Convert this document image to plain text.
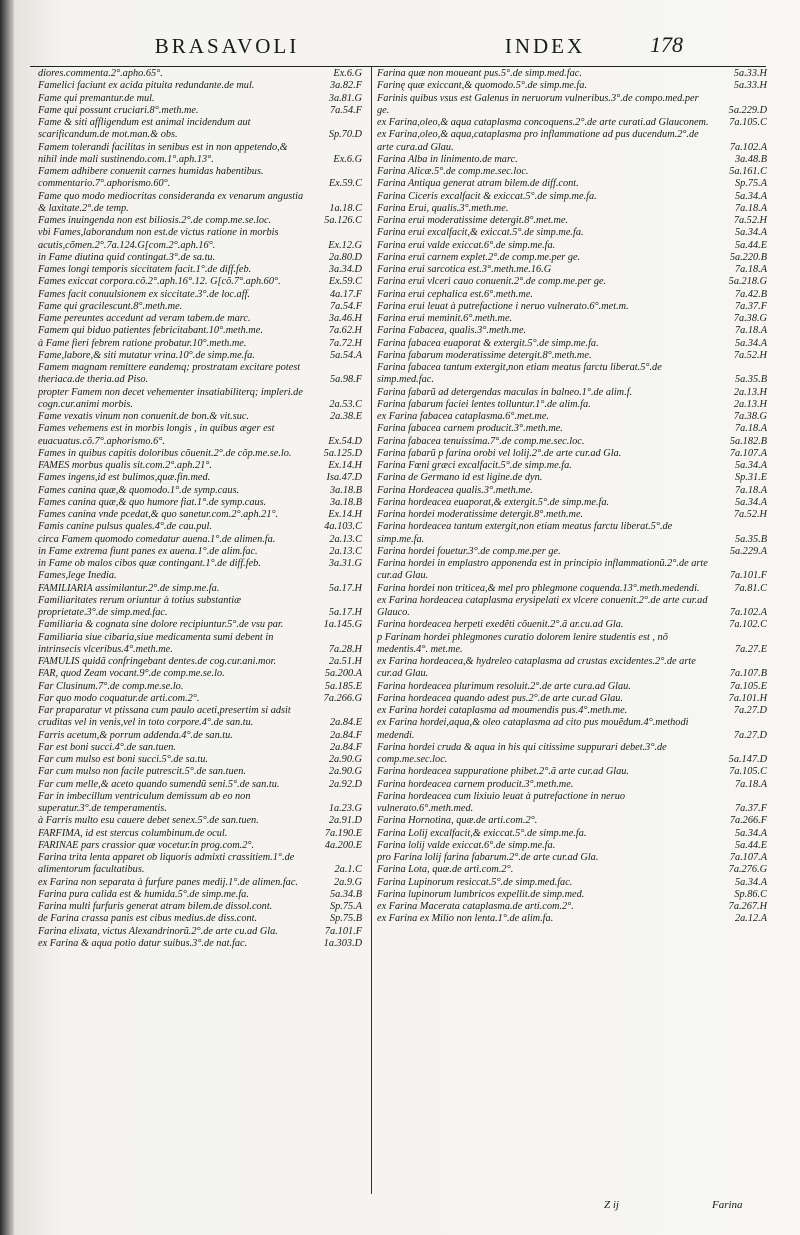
BRASAVOLI	INDEX	178
diores.commenta.2°.apho.65°.	Ex.6.G
Famelici faciunt ex acida pituita redundante.de mul.	3a.82.F
Fame qui premantur.de mul.	3a.81.G
Fame qui possunt cruciari.8°.meth.me.	7a.54.F
Fame & siti affligendum est animal incidendum aut scarificandum.de mot.man.& obs.	Sp.70.D
Famem tolerandi facilitas in senibus est in non appetendo,& nihil inde mali sustinendo.com.1°.aph.13°.	Ex.6.G
Famem adhibere conuenit carnes humidas habentibus. commentario.7°.aphorismo.60°.	Ex.59.C
Fame quo modo mediocritas consideranda ex venarum angustia & laxitate.2°.de temp.	1a.18.C
Fames inuingenda non est biliosis.2°.de comp.me.se.loc.	5a.126.C
vbi Fames,laborandum non est.de victus ratione in morbis acutis,cõmen.2°.7a.124.G[com.2°.aph.16°.	Ex.12.G
in Fame diutina quid contingat.3°.de sa.tu.	2a.80.D
Fames longi temporis siccitatem facit.1°.de diff.feb.	3a.34.D
Fames exiccat corpora.cõ.2°.aph.16°.12. G[cõ.7°.aph.60°.	Ex.59.C
Fames facit conuulsionem ex siccitate.3°.de loc.aff.	4a.17.F
Fame qui gracilescunt.8°.meth.me.	7a.54.F
Fame pereuntes accedunt ad veram tabem.de marc.	3a.46.H
Famem qui biduo patientes febricitabant.10°.meth.me.	7a.62.H
à Fame fieri febrem ratione probatur.10°.meth.me.	7a.72.H
Fame,labore,& siti mutatur vrina.10°.de simp.me.fa.	5a.54.A
Famem magnam remittere eandemq; prostratam excitare potest theriaca.de theria.ad Piso.	5a.98.F
propter Famem non decet vehementer insatiabiliterq; impleri.de cogn.cur.animi morbis.	2a.53.C
Fame vexatis vinum non conuenit.de bon.& vit.suc.	2a.38.E
Fames vehemens est in morbis longis , in quibus æger est euacuatus.cõ.7°.aphorismo.6°.	Ex.54.D
Fames in quibus capitis doloribus cõuenit.2°.de cõp.me.se.lo.	5a.125.D
FAMES morbus qualis sit.com.2°.aph.21°.	Ex.14.H
Fames ingens,id est bulimos,quæ.fin.med.	Isa.47.D
Fames canina quæ,& quomodo.1°.de symp.caus.	3a.18.B
Fames canina quæ,& quo humore fiat.1°.de symp.caus.	3a.18.B
Fames canina vnde pcedat,& quo sanetur.com.2°.aph.21°.	Ex.14.H
Famis canine pulsus quales.4°.de cau.pul.	4a.103.C
circa Famem quomodo comedatur auena.1°.de alimen.fa.	2a.13.C
in Fame extrema fiunt panes ex auena.1°.de alim.fac.	2a.13.C
in Fame ob malos cibos quæ contingant.1°.de diff.feb.	3a.31.G
Fames,lege Inedia.
FAMILIARIA assimilantur.2°.de simp.me.fa.	5a.17.H
Familiaritates rerum oriuntur à totius substantiæ proprietate.3°.de simp.med.fac.	5a.17.H
Familiaria & cognata sine dolore recipiuntur.5°.de vsu par.	1a.145.G
Familiaria siue cibaria,siue medicamenta sumi debent in intrinsecis vlceribus.4°.meth.me.	7a.28.H
FAMULIS quidã confringebant dentes.de cog.cur.ani.mor.	2a.51.H
FAR, quod Zeam vocant.9°.de comp.me.se.lo.	5a.200.A
Far Clusinum.7°.de comp.me.se.lo.	5a.185.E
Far quo modo coquatur.de arti.com.2°.	7a.266.G
Far praparatur vt ptissana cum paulo aceti,presertim si adsit cruditas vel in venis,vel in toto corpore.4°.de san.tu.	2a.84.E
Farris acetum,& porrum addenda.4°.de san.tu.	2a.84.F
Far est boni succi.4°.de san.tuen.	2a.84.F
Far cum mulso est boni succi.5°.de sa.tu.	2a.90.G
Far cum mulso non facile putrescit.5°.de san.tuen.	2a.90.G
Far cum melle,& aceto quando sumendũ seni.5°.de san.tu.	2a.92.D
Far in imbecillum ventriculum demissum ab eo non superatur.3°.de temperamentis.	1a.23.G
à Farris multo esu cauere debet senex.5°.de san.tuen.	2a.91.D
FARFIMA, id est stercus columbinum.de ocul.	7a.190.E
FARINAE pars crassior quæ vocetur.in prog.com.2°.	4a.200.E
Farina trita lenta apparet ob liquoris admixti crassitiem.1°.de alimentorum facultatibus.	2a.1.C
ex Farina non separata à furfure panes medij.1°.de alimen.fac.	2a.9.G
Farina pura calida est & humida.5°.de simp.me.fa.	5a.34.B
Farina multi furfuris generat atram bilem.de dissol.cont.	Sp.75.A
de Farina crassa panis est cibus medius.de diss.cont.	Sp.75.B
Farina elixata, victus Alexandrinorũ.2°.de arte cu.ad Gla.	7a.101.F
ex Farina & aqua potio datur suibus.3°.de nat.fac.	1a.303.D
Farina quæ non moueant pus.5°.de simp.med.fac.	5a.33.H
Farinę quæ exiccant,& quomodo.5°.de simp.me.fa.	5a.33.H
Farinis quibus vsus est Galenus in neruorum vulneribus.3°.de compo.med.per ge.	5a.229.D
ex Farina,oleo,& aqua cataplasma concoquens.2°.de arte curati.ad Glauconem.	7a.105.C
ex Farina,oleo,& aqua,cataplasma pro inflammatione ad pus ducendum.2°.de arte cura.ad Glau.	7a.102.A
Farina Alba in linimento.de marc.	3a.48.B
Farina Alicæ.5°.de comp.me.sec.loc.	5a.161.C
Farina Antiqua generat atram bilem.de diff.cont.	Sp.75.A
Farina Ciceris excalfacit & exiccat.5°.de simp.me.fa.	5a.34.A
Farina Erui, qualis.3°.meth.me.	7a.18.A
Farina erui moderatissime detergit.8°.met.me.	7a.52.H
Farina erui excalfacit,& exiccat.5°.de simp.me.fa.	5a.34.A
Farina erui valde exiccat.6°.de simp.me.fa.	5a.44.E
Farina erui carnem explet.2°.de comp.me.per ge.	5a.220.B
Farina erui sarcotica est.3°.meth.me.16.G	7a.18.A
Farina erui vlceri cauo conuenit.2°.de comp.me.per ge.	5a.218.G
Farina erui cephalica est.6°.meth.me.	7a.42.B
Farina erui leuat à putrefactione i neruo vulnerato.6°.met.m.	7a.37.F
Farina erui meminit.6°.meth.me.	7a.38.G
Farina Fabacea, qualis.3°.meth.me.	7a.18.A
Farina fabacea euaporat & extergit.5°.de simp.me.fa.	5a.34.A
Farina fabarum moderatissime detergit.8°.meth.me.	7a.52.H
Farina fabacea tantum extergit,non etiam meatus farctu liberat.5°.de simp.med.fac.	5a.35.B
Farina fabarũ ad detergendas maculas in balneo.1°.de alim.f.	2a.13.H
Farina fabarum faciei lentes tolluntur.1°.de alim.fa.	2a.13.H
ex Farina fabacea cataplasma.6°.met.me.	7a.38.G
Farina fabacea carnem producit.3°.meth.me.	7a.18.A
Farina fabacea tenuissima.7°.de comp.me.sec.loc.	5a.182.B
Farina fabarũ p farina orobi vel lolij.2°.de arte cur.ad Gla.	7a.107.A
Farina Fœni græci excalfacit.5°.de simp.me.fa.	5a.34.A
Farina de Germano id est ligine.de dyn.	Sp.31.E
Farina Hordeacea qualis.3°.meth.me.	7a.18.A
Farina hordeacea euaporat,& extergit.5°.de simp.me.fa.	5a.34.A
Farina hordei moderatissime detergit.8°.meth.me.	7a.52.H
Farina hordeacea tantum extergit,non etiam meatus farctu liberat.5°.de simp.me.fa.	5a.35.B
Farina hordei fouetur.3°.de comp.me.per ge.	5a.229.A
Farina hordei in emplastro apponenda est in principio inflammationũ.2°.de arte cur.ad Glau.	7a.101.F
Farina hordei non triticea,& mel pro phlegmone coquenda.13°.meth.medendi.	7a.81.C
ex Farina hordeacea cataplasma erysipelati ex vlcere conuenit.2°.de arte cur.ad Glauco.	7a.102.A
Farina hordeacea herpeti exedẽti cõuenit.2°.ã ar.cu.ad Gla.	7a.102.C
p Farinam hordei phlegmones curatio dolorem lenire studentis est , nõ medentis.4°. met.me.	7a.27.E
ex Farina hordeacea,& hydreleo cataplasma ad crustas excidentes.2°.de arte cur.ad Glau.	7a.107.B
Farina hordeacea plurimum resoluit.2°.de arte cura.ad Glau.	7a.105.E
Farina hordeacea quando adest pus.2°.de arte cur.ad Glau.	7a.101.H
ex Farina hordei cataplasma ad moumendis pus.4°.meth.me.	7a.27.D
ex Farina hordei,aqua,& oleo cataplasma ad cito pus mouẽdum.4°.methodi medendi.	7a.27.D
Farina hordei cruda & aqua in his qui citissime suppurari debet.3°.de comp.me.sec.loc.	5a.147.D
Farina hordeacea suppuratione phibet.2°.ã arte cur.ad Glau.	7a.105.C
Farina hordeacea carnem producit.3°.meth.me.	7a.18.A
Farina hordeacea cum lixiuio leuat à putrefactione in neruo vulnerato.6°.meth.med.	7a.37.F
Farina Hornotina, quæ.de arti.com.2°.	7a.266.F
Farina Lolij excalfacit,& exiccat.5°.de simp.me.fa.	5a.34.A
Farina lolij valde exiccat.6°.de simp.me.fa.	5a.44.E
pro Farina lolij farina fabarum.2°.de arte cur.ad Gla.	7a.107.A
Farina Lota, quæ.de arti.com.2°.	7a.276.G
Farina Lupinorum resiccat.5°.de simp.med.fac.	5a.34.A
Farina lupinorum lumbricos expellit.de simp.med.	Sp.86.C
ex Farina Macerata cataplasma.de arti.com.2°.	7a.267.H
ex Farina ex Milio non lenta.1°.de alim.fa.	2a.12.A
Z ij	Farina
